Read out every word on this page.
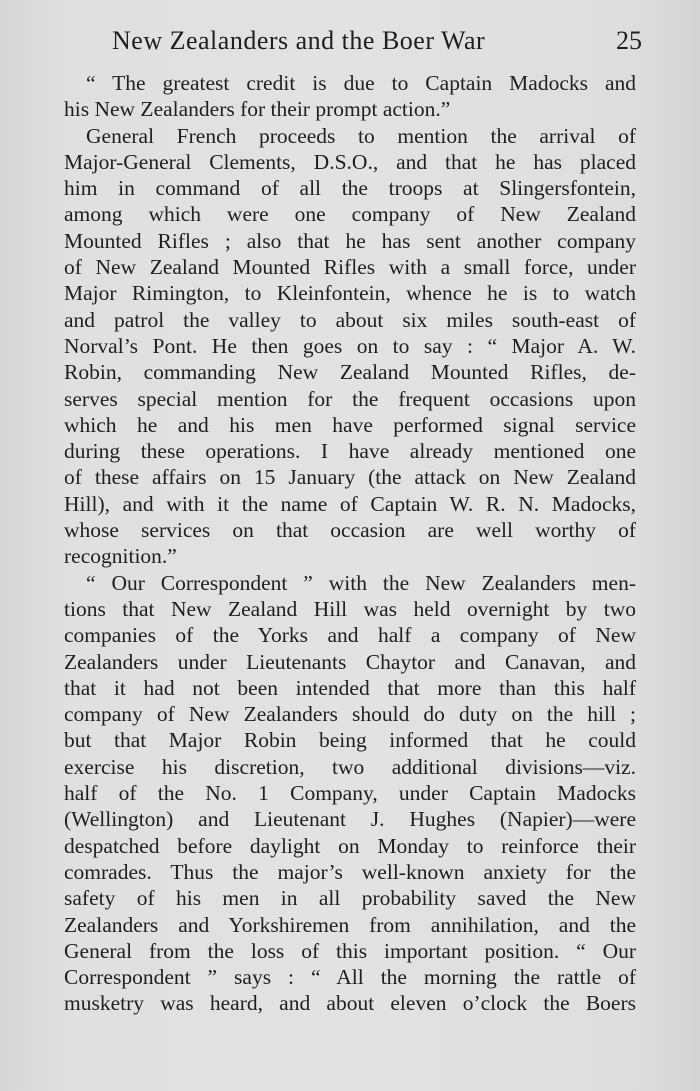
New Zealanders and the Boer War	25
“ The greatest credit is due to Captain Madocks and
his New Zealanders for their prompt action.”
General French proceeds to mention the arrival of
Major-General Clements, D.S.O., and that he has placed
him in command of all the troops at Slingersfontein,
among which were one company of New Zealand
Mounted Rifles ; also that he has sent another company
of New Zealand Mounted Rifles with a small force, under
Major Rimington, to Kleinfontein, whence he is to watch
and patrol the valley to about six miles south-east of
Norval’s Pont. He then goes on to say : “ Major A. W.
Robin, commanding New Zealand Mounted Rifles, de-
serves special mention for the frequent occasions upon
which he and his men have performed signal service
during these operations. I have already mentioned one
of these affairs on 15 January (the attack on New Zealand
Hill), and with it the name of Captain W. R. N. Madocks,
whose services on that occasion are well worthy of
recognition.”
“ Our Correspondent ” with the New Zealanders men-
tions that New Zealand Hill was held overnight by two
companies of the Yorks and half a company of New
Zealanders under Lieutenants Chaytor and Canavan, and
that it had not been intended that more than this half
company of New Zealanders should do duty on the hill ;
but that Major Robin being informed that he could
exercise his discretion, two additional divisions—viz.
half of the No. 1 Company, under Captain Madocks
(Wellington) and Lieutenant J. Hughes (Napier)—were
despatched before daylight on Monday to reinforce their
comrades. Thus the major’s well-known anxiety for the
safety of his men in all probability saved the New
Zealanders and Yorkshiremen from annihilation, and the
General from the loss of this important position. “ Our
Correspondent ” says : “ All the morning the rattle of
musketry was heard, and about eleven o’clock the Boers
